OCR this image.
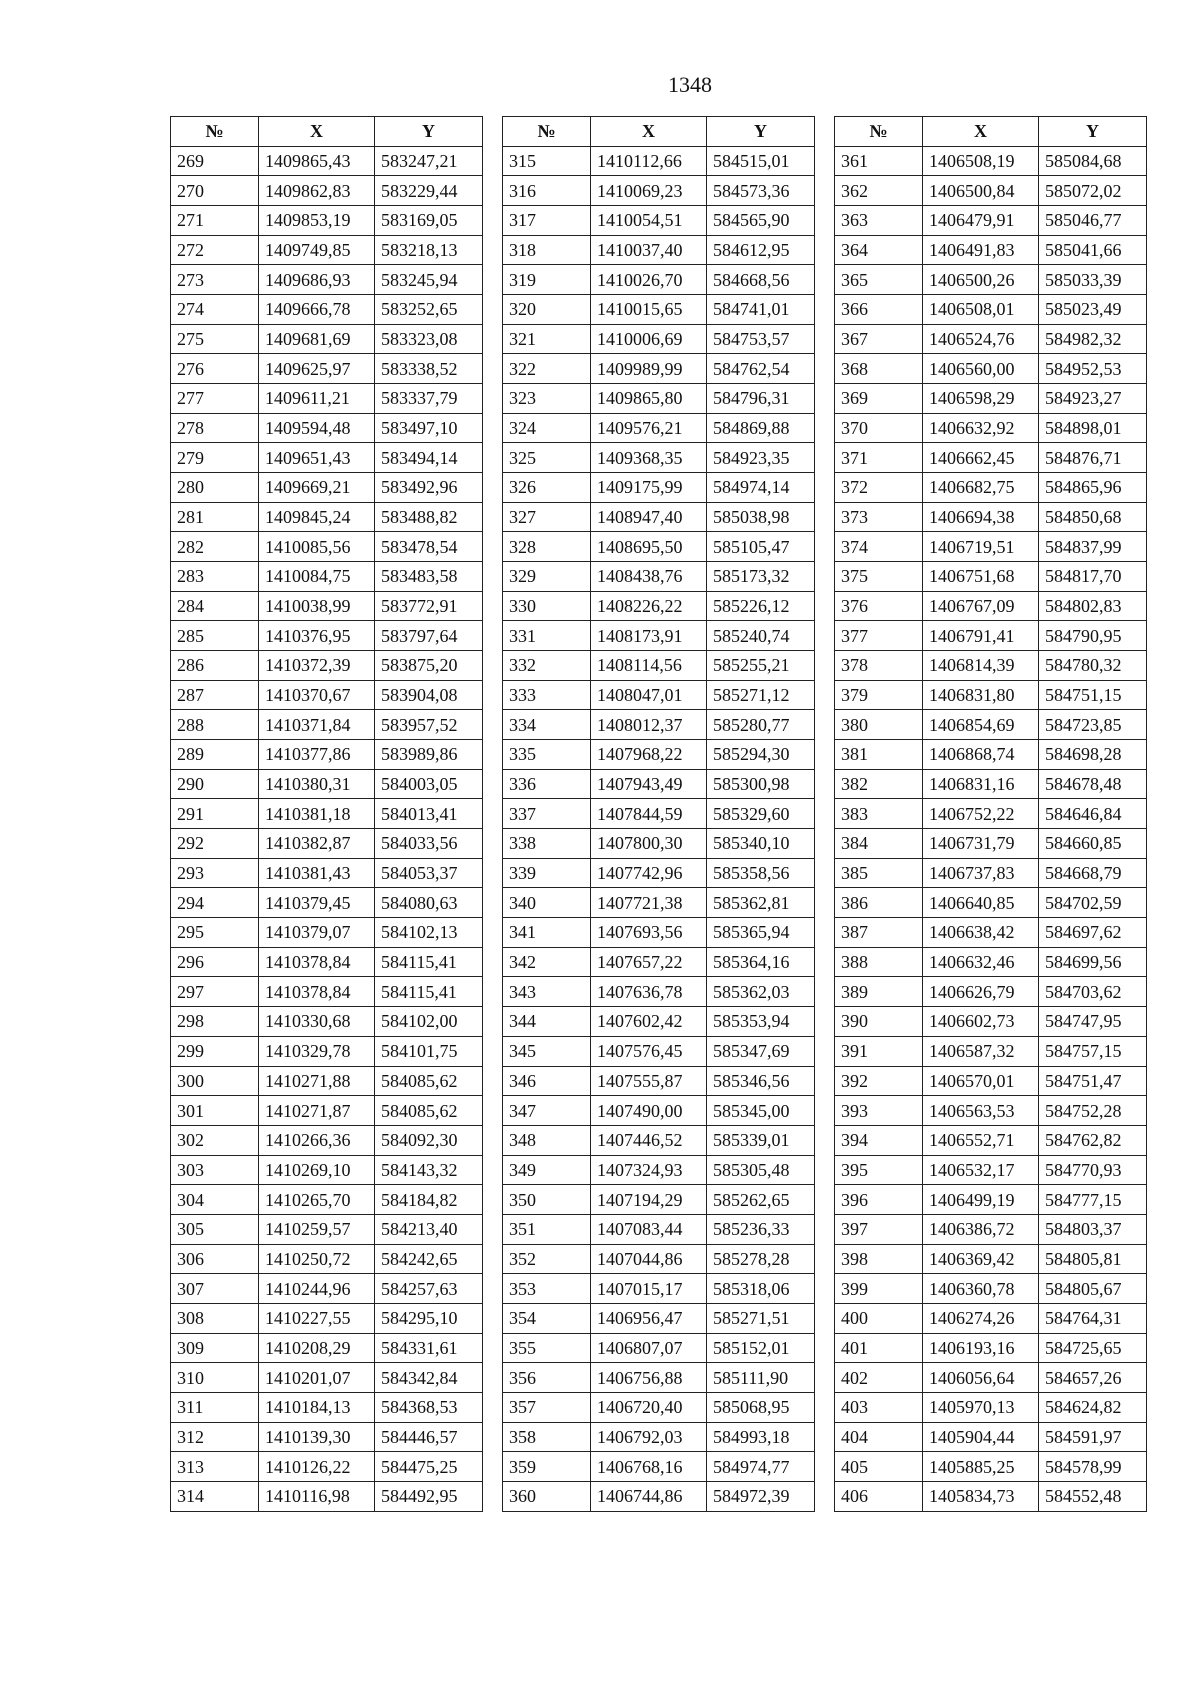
1348
№	X	Y
269	1409865,43	583247,21
270	1409862,83	583229,44
271	1409853,19	583169,05
272	1409749,85	583218,13
273	1409686,93	583245,94
274	1409666,78	583252,65
275	1409681,69	583323,08
276	1409625,97	583338,52
277	1409611,21	583337,79
278	1409594,48	583497,10
279	1409651,43	583494,14
280	1409669,21	583492,96
281	1409845,24	583488,82
282	1410085,56	583478,54
283	1410084,75	583483,58
284	1410038,99	583772,91
285	1410376,95	583797,64
286	1410372,39	583875,20
287	1410370,67	583904,08
288	1410371,84	583957,52
289	1410377,86	583989,86
290	1410380,31	584003,05
291	1410381,18	584013,41
292	1410382,87	584033,56
293	1410381,43	584053,37
294	1410379,45	584080,63
295	1410379,07	584102,13
296	1410378,84	584115,41
297	1410378,84	584115,41
298	1410330,68	584102,00
299	1410329,78	584101,75
300	1410271,88	584085,62
301	1410271,87	584085,62
302	1410266,36	584092,30
303	1410269,10	584143,32
304	1410265,70	584184,82
305	1410259,57	584213,40
306	1410250,72	584242,65
307	1410244,96	584257,63
308	1410227,55	584295,10
309	1410208,29	584331,61
310	1410201,07	584342,84
311	1410184,13	584368,53
312	1410139,30	584446,57
313	1410126,22	584475,25
314	1410116,98	584492,95
№	X	Y
315	1410112,66	584515,01
316	1410069,23	584573,36
317	1410054,51	584565,90
318	1410037,40	584612,95
319	1410026,70	584668,56
320	1410015,65	584741,01
321	1410006,69	584753,57
322	1409989,99	584762,54
323	1409865,80	584796,31
324	1409576,21	584869,88
325	1409368,35	584923,35
326	1409175,99	584974,14
327	1408947,40	585038,98
328	1408695,50	585105,47
329	1408438,76	585173,32
330	1408226,22	585226,12
331	1408173,91	585240,74
332	1408114,56	585255,21
333	1408047,01	585271,12
334	1408012,37	585280,77
335	1407968,22	585294,30
336	1407943,49	585300,98
337	1407844,59	585329,60
338	1407800,30	585340,10
339	1407742,96	585358,56
340	1407721,38	585362,81
341	1407693,56	585365,94
342	1407657,22	585364,16
343	1407636,78	585362,03
344	1407602,42	585353,94
345	1407576,45	585347,69
346	1407555,87	585346,56
347	1407490,00	585345,00
348	1407446,52	585339,01
349	1407324,93	585305,48
350	1407194,29	585262,65
351	1407083,44	585236,33
352	1407044,86	585278,28
353	1407015,17	585318,06
354	1406956,47	585271,51
355	1406807,07	585152,01
356	1406756,88	585111,90
357	1406720,40	585068,95
358	1406792,03	584993,18
359	1406768,16	584974,77
360	1406744,86	584972,39
№	X	Y
361	1406508,19	585084,68
362	1406500,84	585072,02
363	1406479,91	585046,77
364	1406491,83	585041,66
365	1406500,26	585033,39
366	1406508,01	585023,49
367	1406524,76	584982,32
368	1406560,00	584952,53
369	1406598,29	584923,27
370	1406632,92	584898,01
371	1406662,45	584876,71
372	1406682,75	584865,96
373	1406694,38	584850,68
374	1406719,51	584837,99
375	1406751,68	584817,70
376	1406767,09	584802,83
377	1406791,41	584790,95
378	1406814,39	584780,32
379	1406831,80	584751,15
380	1406854,69	584723,85
381	1406868,74	584698,28
382	1406831,16	584678,48
383	1406752,22	584646,84
384	1406731,79	584660,85
385	1406737,83	584668,79
386	1406640,85	584702,59
387	1406638,42	584697,62
388	1406632,46	584699,56
389	1406626,79	584703,62
390	1406602,73	584747,95
391	1406587,32	584757,15
392	1406570,01	584751,47
393	1406563,53	584752,28
394	1406552,71	584762,82
395	1406532,17	584770,93
396	1406499,19	584777,15
397	1406386,72	584803,37
398	1406369,42	584805,81
399	1406360,78	584805,67
400	1406274,26	584764,31
401	1406193,16	584725,65
402	1406056,64	584657,26
403	1405970,13	584624,82
404	1405904,44	584591,97
405	1405885,25	584578,99
406	1405834,73	584552,48
